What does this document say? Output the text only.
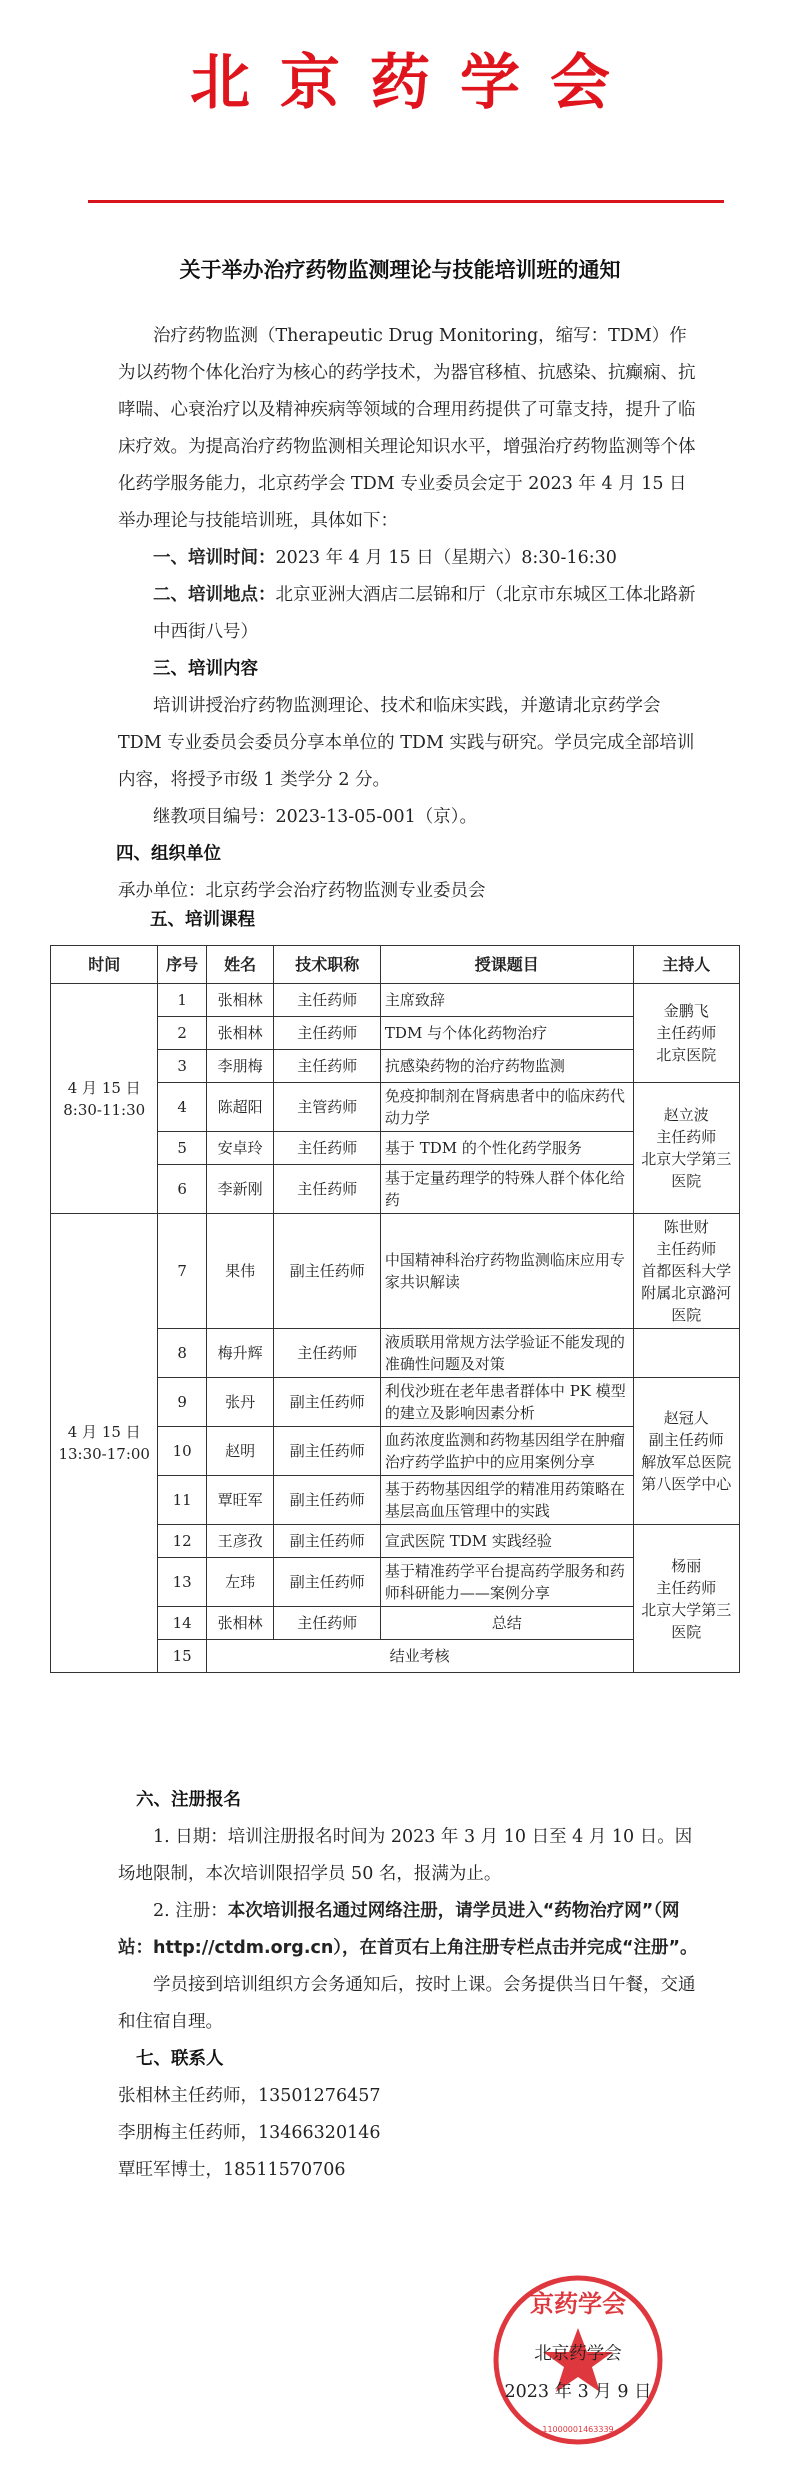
北京药学会
关于举办治疗药物监测理论与技能培训班的通知

治疗药物监测（Therapeutic Drug Monitoring，缩写：TDM）作为以药物个体化治疗为核心的药学技术，为器官移植、抗感染、抗癫痫、抗哮喘、心衰治疗以及精神疾病等领域的合理用药提供了可靠支持，提升了临床疗效。为提高治疗药物监测相关理论知识水平，增强治疗药物监测等个体化药学服务能力，北京药学会 TDM 专业委员会定于 2023 年 4 月 15 日举办理论与技能培训班，具体如下：

一、培训时间：2023 年 4 月 15 日（星期六）8:30-16:30

二、培训地点：北京亚洲大酒店二层锦和厅（北京市东城区工体北路新中西街八号）

三、培训内容

培训讲授治疗药物监测理论、技术和临床实践，并邀请北京药学会 TDM 专业委员会委员分享本单位的 TDM 实践与研究。学员完成全部培训内容，将授予市级 1 类学分 2 分。

继教项目编号：2023-13-05-001（京）。

四、组织单位

承办单位：北京药学会治疗药物监测专业委员会

五、培训课程

时间	序号	姓名	技术职称	授课题目	主持人
4 月 15 日 8:30-11:30	1	张相林	主任药师	主席致辞	金鹏飞
主任药师
北京医院

	2	张相林	主任药师	TDM 与个体化药物治疗	
	3	李朋梅	主任药师	抗感染药物的治疗药物监测	
	4	陈超阳	主管药师	免疫抑制剂在肾病患者中的临床药代动力学	赵立波
主任药师
北京大学第三医院

	5	安卓玲	主任药师	基于 TDM 的个性化药学服务	
	6	李新刚	主任药师	基于定量药理学的特殊人群个体化给药	
4 月 15 日 13:30-17:00	7	果伟	副主任药师	中国精神科治疗药物监测临床应用专家共识解读	陈世财
主任药师
首都医科大学附属北京潞河医院

	8	梅升辉	主任药师	液质联用常规方法学验证不能发现的准确性问题及对策	
	9	张丹	副主任药师	利伐沙班在老年患者群体中 PK 模型的建立及影响因素分析	赵冠人
副主任药师
解放军总医院第八医学中心

	10	赵明	副主任药师	血药浓度监测和药物基因组学在肿瘤治疗药学监护中的应用案例分享	
	11	覃旺军	副主任药师	基于药物基因组学的精准用药策略在基层高血压管理中的实践	
	12	王彦孜	副主任药师	宣武医院 TDM 实践经验	杨丽
主任药师
北京大学第三医院

	13	左玮	副主任药师	基于精准药学平台提高药学服务和药师科研能力——案例分享	
	14	张相林	主任药师	总结	
	15	结业考核			

六、注册报名

1. 日期：培训注册报名时间为 2023 年 3 月 10 日至 4 月 10 日。因场地限制，本次培训限招学员 50 名，报满为止。

2. 注册：本次培训报名通过网络注册，请学员进入“药物治疗网”（网站：http://ctdm.org.cn），在首页右上角注册专栏点击并完成“注册”。

学员接到培训组织方会务通知后，按时上课。会务提供当日午餐，交通和住宿自理。

七、联系人

张相林主任药师，13501276457

李朋梅主任药师，13466320146

覃旺军博士，18511570706

京药学会
11000001463339
北京药学会
2023 年 3 月 9 日
